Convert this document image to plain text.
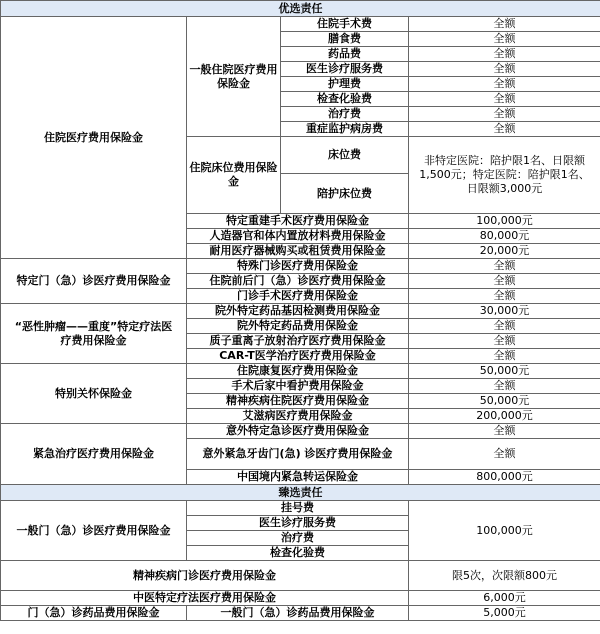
优选责任			
住院医疗费用保险金	一般住院医疗费用保险金	住院手术费	全额
		膳食费	全额
		药品费	全额
		医生诊疗服务费	全额
		护理费	全额
		检查化验费	全额
		治疗费	全额
		重症监护病房费	全额
	住院床位费用保险金	床位费	非特定医院：陪护限1名、日限额1,500元；特定医院：陪护限1名、日限额3,000元

		陪护床位费	

	特定重建手术医疗费用保险金		100,000元
	人造器官和体内置放材料费用保险金		80,000元
	耐用医疗器械购买或租赁费用保险金		20,000元
特定门（急）诊医疗费用保险金	特殊门诊医疗费用保险金		全额
	住院前后门（急）诊医疗费用保险金		全额
	门诊手术医疗费用保险金		全额
“恶性肿瘤——重度”特定疗法医疗费用保险金	院外特定药品基因检测费用保险金		30,000元
	院外特定药品费用保险金		全额
	质子重离子放射治疗医疗费用保险金		全额
	CAR-T医学治疗医疗费用保险金		全额
特别关怀保险金	住院康复医疗费用保险金		50,000元
	手术后家中看护费用保险金		全额
	精神疾病住院医疗费用保险金		50,000元
	艾滋病医疗费用保险金		200,000元
紧急治疗医疗费用保险金	意外特定急诊医疗费用保险金		全额
	意外紧急牙齿门(急) 诊医疗费用保险金		全额
	中国境内紧急转运保险金		800,000元
臻选责任			
一般门（急）诊医疗费用保险金	挂号费		100,000元
	医生诊疗服务费		
	治疗费		
	检查化验费		
精神疾病门诊医疗费用保险金			限5次，次限额800元
中医特定疗法医疗费用保险金			6,000元
门（急）诊药品费用保险金	一般门（急）诊药品费用保险金		5,000元
